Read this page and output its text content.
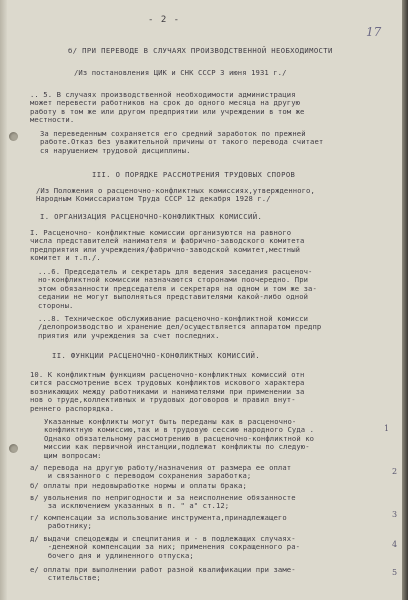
- 2 -
17
б/ ПРИ ПЕРЕВОДЕ В СЛУЧАЯХ ПРОИЗВОДСТВЕННОЙ НЕОБХОДИМОСТИ
/Из постановления ЦИК и СНК СССР 3 июня 1931 г./
.. 5. В случаях производственной необходимости администрация
может перевести работников на срок до одного месяца на другую
работу в том же или другом предприятии или учреждении в том же
местности.
За переведенным сохраняется его средний заработок по прежней
работе.Отказ без уважительной причины от такого перевода считает
ся нарушением трудовой дисциплины.
III. О ПОРЯДКЕ РАССМОТРЕНИЯ ТРУДОВЫХ СПОРОВ
/Из Положения о расценочно-конфликтных комиссиях,утвержденного,
Народным Комиссариатом Труда СССР 12 декабря 1928 г./
I. ОРГАНИЗАЦИЯ РАСЦЕНОЧНО-КОНФЛИКТНЫХ КОМИССИЙ.
I. Расценочно- конфликтные комиссии организуются на равного
числа представителей нанимателя и фабрично-заводского комитета
предприятия или учреждения/фабрично-заводской комитет,местный
комитет и т.п./.
...6. Председатель и секретарь для ведения заседания расценоч-
но-конфликтной комиссии назначаются сторонами поочередно. При
этом обязанности председателя и секретаря на одном и том же за-
седании не могут выполняться представителями какой-либо одной
стороны.
...8. Техническое обслуживание расценочно-конфликтной комисси
/делопроизводство и хранение дел/осуществляется аппаратом предпр
приятия или учреждения за счет последних.
II. ФУНКЦИИ РАСЦЕНОЧНО-КОНФЛИКТНЫХ КОМИССИЙ.
10. К конфликтным функциям расценочно-конфликтных комиссий отн
сится рассмотрение всех трудовых конфликтов искового характера
возникающих между работниками и нанимателями при применении за
нов о труде,коллективных и трудовых договоров и правил внут-
реннего распорядка.
Указанные конфликты могут быть переданы как в расценочно-
конфликтную комиссию,так и в трудовую сессию народного Суда .
Однако обязательному рассмотрению в расценочно-конфликтной ко
миссии как первичной инстанции,подлежат конфликты по следую-
щим вопросам:
а/ перевода на другую работу/назначения от размера ее оплат
и связанного с переводом сохранения заработка;
б/ оплаты при недовыработке нормы и оплаты брака;
в/ увольнения по непригодности и за неисполнение обязанносте
за исключением указанных в п. " а" ст.12;
г/ компенсации за использование инструмента,принадлежащего
работнику;
д/ выдачи спецодежды и спецпитания и - в подлежащих случаях-
-денежной компенсации за них; применения сокращенного ра-
бочего дня и удлиненного отпуска;
е/ оплаты при выполнении работ разной квалификации при заме-
стительстве;
1
2
3
4
5
